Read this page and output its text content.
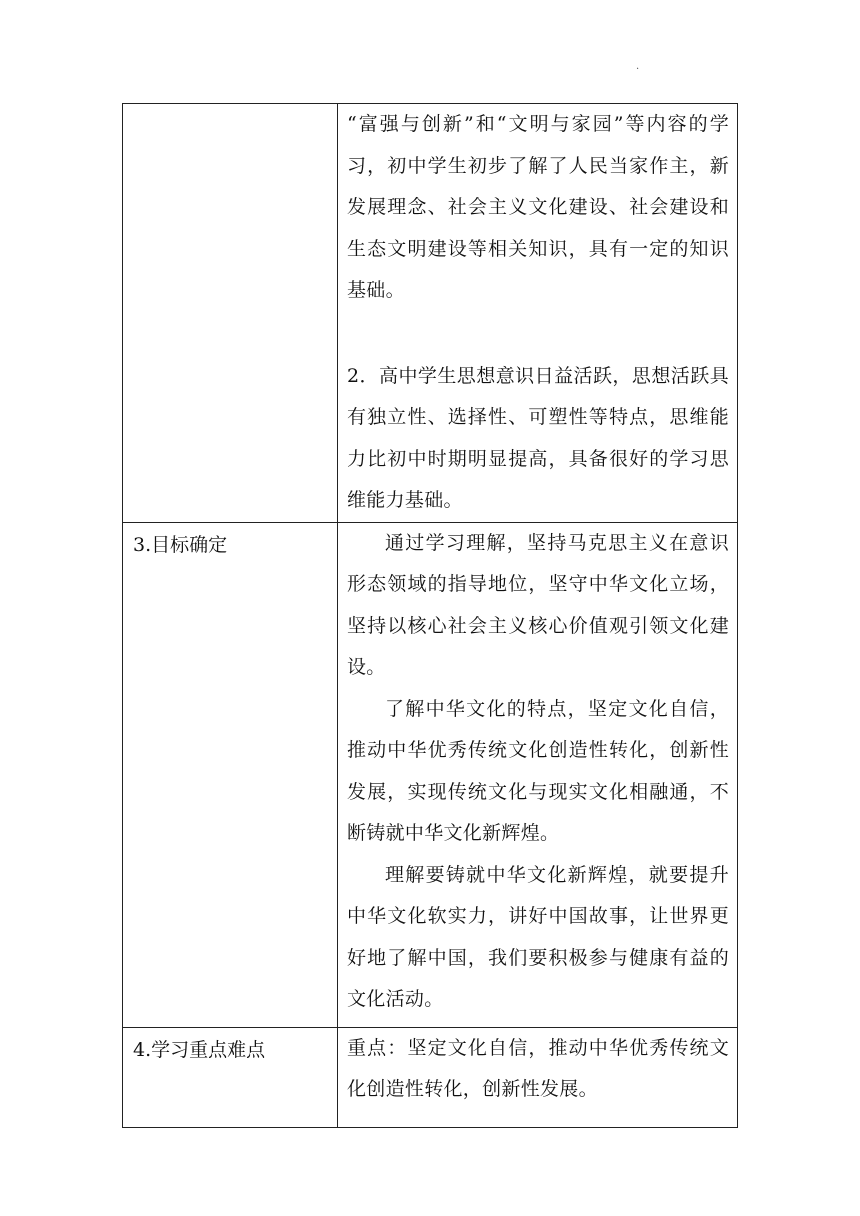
.

	“富强与创新”和“文明与家园”等内容的学习，初中学生初步了解了人民当家作主，新发展理念、社会主义文化建设、社会建设和生态文明建设等相关知识，具有一定的知识基础。

2．高中学生思想意识日益活跃，思想活跃具有独立性、选择性、可塑性等特点，思维能力比初中时期明显提高，具备很好的学习思维能力基础。

3.目标确定	通过学习理解，坚持马克思主义在意识形态领域的指导地位，坚守中华文化立场，坚持以核心社会主义核心价值观引领文化建设。

了解中华文化的特点，坚定文化自信，推动中华优秀传统文化创造性转化，创新性发展，实现传统文化与现实文化相融通，不断铸就中华文化新辉煌。

理解要铸就中华文化新辉煌，就要提升中华文化软实力，讲好中国故事，让世界更好地了解中国，我们要积极参与健康有益的文化活动。

4.学习重点难点	重点：坚定文化自信，推动中华优秀传统文化创造性转化，创新性发展。
